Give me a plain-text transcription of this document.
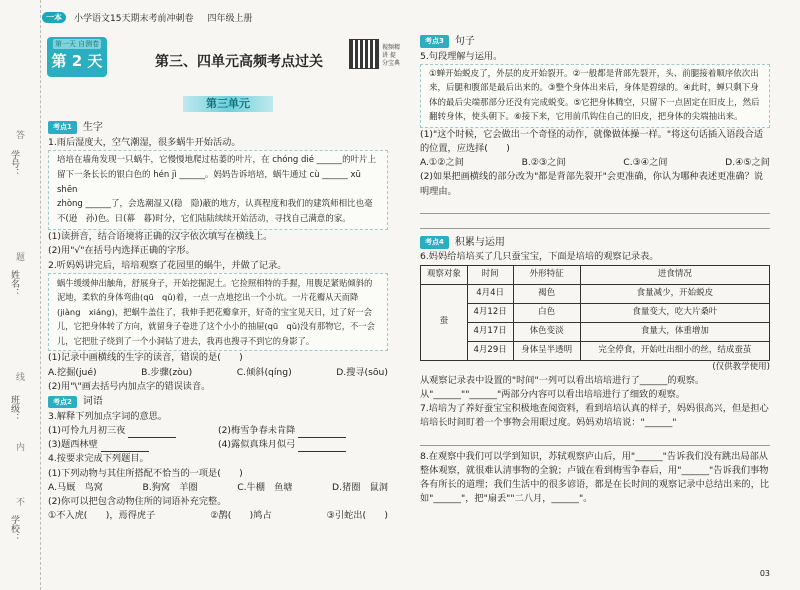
学号：
姓名：
班级：
学校：
答
题
线
内
不
一本	小学语文15天期末考前冲刺卷 四年级上册
第一天 自测卷
第 2 天	第三、四单元高频考点过关
视频精讲 提分宝典
第三单元
考点1	生字
1.雨后湿度大，空气潮湿，很多蜗牛开始活动。
培培在墙角发现一只蜗牛，它慢慢地爬过枯萎的叶片，在 chóng dié ______的叶片上留下一条长长的银白色的 hén jì ______。妈妈告诉培培，蜗牛通过 cù ______ xū shēn
zhòng ______了，会选潮湿又(稳　隐)蔽的地方，认真程度和我们的建筑师相比也毫不(逊　孙)色。日(幕　暮)时分，它们陆陆续续开始活动，寻找自己满意的家。
(1)读拼音，结合语境将正确的汉字依次填写在横线上。
(2)用"√"在括号内选择正确的字形。
2.听妈妈讲完后，培培观察了花园里的蜗牛，并做了记录。
蜗牛缓缓伸出触角，舒展身子，开始挖掘泥土。它捡照相特的手握，用腹足紧贴倾斜的泥地，柔软的身体弯曲(qū　qǔ)着，一点一点地挖出一个小坑。一片花瓣从天而降(jiàng　xiáng)，把蜗牛盖住了，我伸手把花瓣拿开，好奇的宝宝见天日，过了好一会儿，它把身体转了方向，就留身子卷进了这个小小的抽屉(qū　qǔ)没有那物它，不一会儿，它把肚子绕到了一个小洞钻了进去，我再也搜寻不到它的身影了。
(1)记录中画横线的生字的读音，错误的是(　　)
A.挖掘(jué)	B.步骤(zòu)	C.倾斜(qíng)	D.搜寻(sōu)
(2)用"\"画去括号内加点字的错误读音。
考点2	词语
3.解释下列加点字词的意思。
(1)可怜九月初三夜	(2)梅雪争春未肯降
(3)题西林壁	(4)露似真珠月似弓
4.按要求完成下列题目。
(1)下列动物与其住所搭配不恰当的一项是(　　)
A.马厩　鸟窝	B.狗窝　羊圈	C.牛棚　鱼塘	D.猪圈　鼠洞
(2)你可以把包含动物住所的词语补充完整。
①不入虎(　　)，焉得虎子	②鹊(　　)鸠占	③引蛇出(　　)
考点3	句子
5.句段理解与运用。
①蝉开始蜕皮了，外层的皮开始裂开。②一般都是背部先裂开，头、前腿接着顺序依次出来，后腿和腹部是最后出来的。③整个身体出来后，身体是碧绿的。④此时，蝉只剩下身体的最后尖端那部分还没有完成蜕变。⑤它把身体腾空，只留下一点固定在旧皮上，然后翻转身体，使头朝下。⑥接下来，它用前爪钩住自己的旧皮，把身体的尖端抽出来。
(1)"这个时候，它会做出一个奇怪的动作，就像做体操一样。"将这句话插入语段合适的位置，应选择(　　)
A.①②之间	B.②③之间	C.③④之间	D.④⑤之间
(2)如果把画横线的部分改为"都是背部先裂开"会更准确，你认为哪种表述更准确？说明理由。
考点4	积累与运用
6.妈妈给培培买了几只蚕宝宝，下面是培培的观察记录表。
观察对象	时间	外形特征	进食情况
蚕	4月4日	褐色	食量减少，开始蜕皮
	4月12日	白色	食量变大，吃大片桑叶
	4月17日	体色变淡	食量大，体重增加
	4月29日	身体呈半透明	完全停食，开始吐出细小的丝，结成蚕茧
(仅供教学使用)
从观察记录表中设置的"时间"一列可以看出培培进行了______的观察。从"______""______"两部分内容可以看出培培进行了细致的观察。
7.培培为了养好蚕宝宝积极地查阅资料，看到培培认真的样子，妈妈很高兴，但是担心培培长时间盯着一个事物会用眼过度。妈妈劝培培说："______"
8.在观察中我们可以学到知识，苏轼观察庐山后，用"______"告诉我们没有跳出局部从整体观察，就很难认清事物的全貌；卢钺在看到梅雪争春后，用"______"告诉我们事物各有所长的道理；我们生活中的很多谚语，都是在长时间的观察记录中总结出来的，比如"______"，把"扇丢""二八月，______"。
03
